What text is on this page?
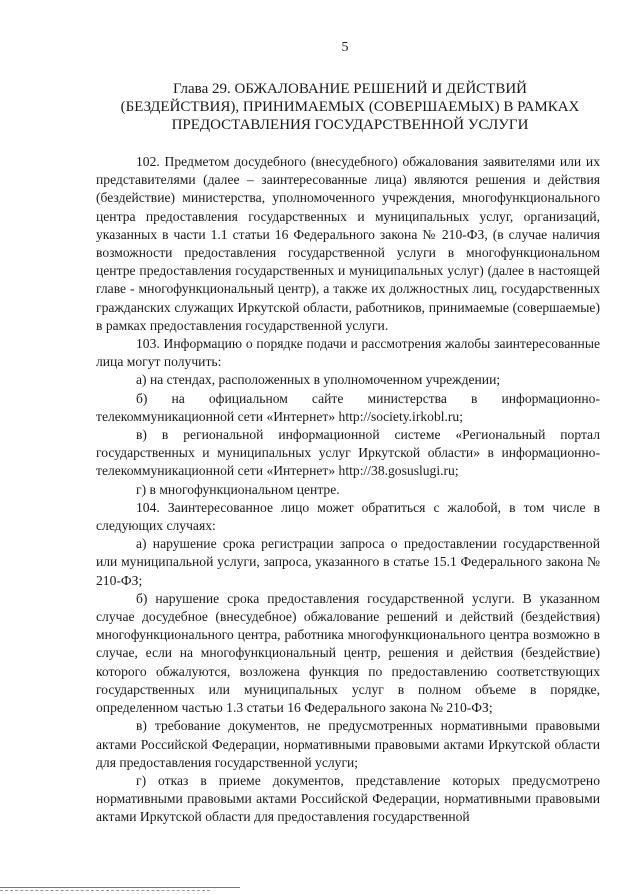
5
Глава 29. ОБЖАЛОВАНИЕ РЕШЕНИЙ И ДЕЙСТВИЙ
(БЕЗДЕЙСТВИЯ), ПРИНИМАЕМЫХ (СОВЕРШАЕМЫХ) В РАМКАХ
ПРЕДОСТАВЛЕНИЯ ГОСУДАРСТВЕННОЙ УСЛУГИ

102. Предметом досудебного (внесудебного) обжалования заявителями или их представителями (далее – заинтересованные лица) являются решения и действия (бездействие) министерства, уполномоченного учреждения, многофункционального центра предоставления государственных и муниципальных услуг, организаций, указанных в части 1.1 статьи 16 Федерального закона № 210-ФЗ, (в случае наличия возможности предоставления государственной услуги в многофункциональном центре предоставления государственных и муниципальных услуг) (далее в настоящей главе - многофункциональный центр), а также их должностных лиц, государственных гражданских служащих Иркутской области, работников, принимаемые (совершаемые) в рамках предоставления государственной услуги.

103. Информацию о порядке подачи и рассмотрения жалобы заинтересованные лица могут получить:

а) на стендах, расположенных в уполномоченном учреждении;

б) на официальном сайте министерства в информационно-телекоммуникационной сети «Интернет» http://society.irkobl.ru;

в) в региональной информационной системе «Региональный портал государственных и муниципальных услуг Иркутской области» в информационно-телекоммуникационной сети «Интернет» http://38.gosuslugi.ru;

г) в многофункциональном центре.

104. Заинтересованное лицо может обратиться с жалобой, в том числе в следующих случаях:

а) нарушение срока регистрации запроса о предоставлении государственной или муниципальной услуги, запроса, указанного в статье 15.1 Федерального закона № 210-ФЗ;

б) нарушение срока предоставления государственной услуги. В указанном случае досудебное (внесудебное) обжалование решений и действий (бездействия) многофункционального центра, работника многофункционального центра возможно в случае, если на многофункциональный центр, решения и действия (бездействие) которого обжалуются, возложена функция по предоставлению соответствующих государственных или муниципальных услуг в полном объеме в порядке, определенном частью 1.3 статьи 16 Федерального закона № 210-ФЗ;

в) требование документов, не предусмотренных нормативными правовыми актами Российской Федерации, нормативными правовыми актами Иркутской области для предоставления государственной услуги;

г) отказ в приеме документов, представление которых предусмотрено нормативными правовыми актами Российской Федерации, нормативными правовыми актами Иркутской области для предоставления государственной
